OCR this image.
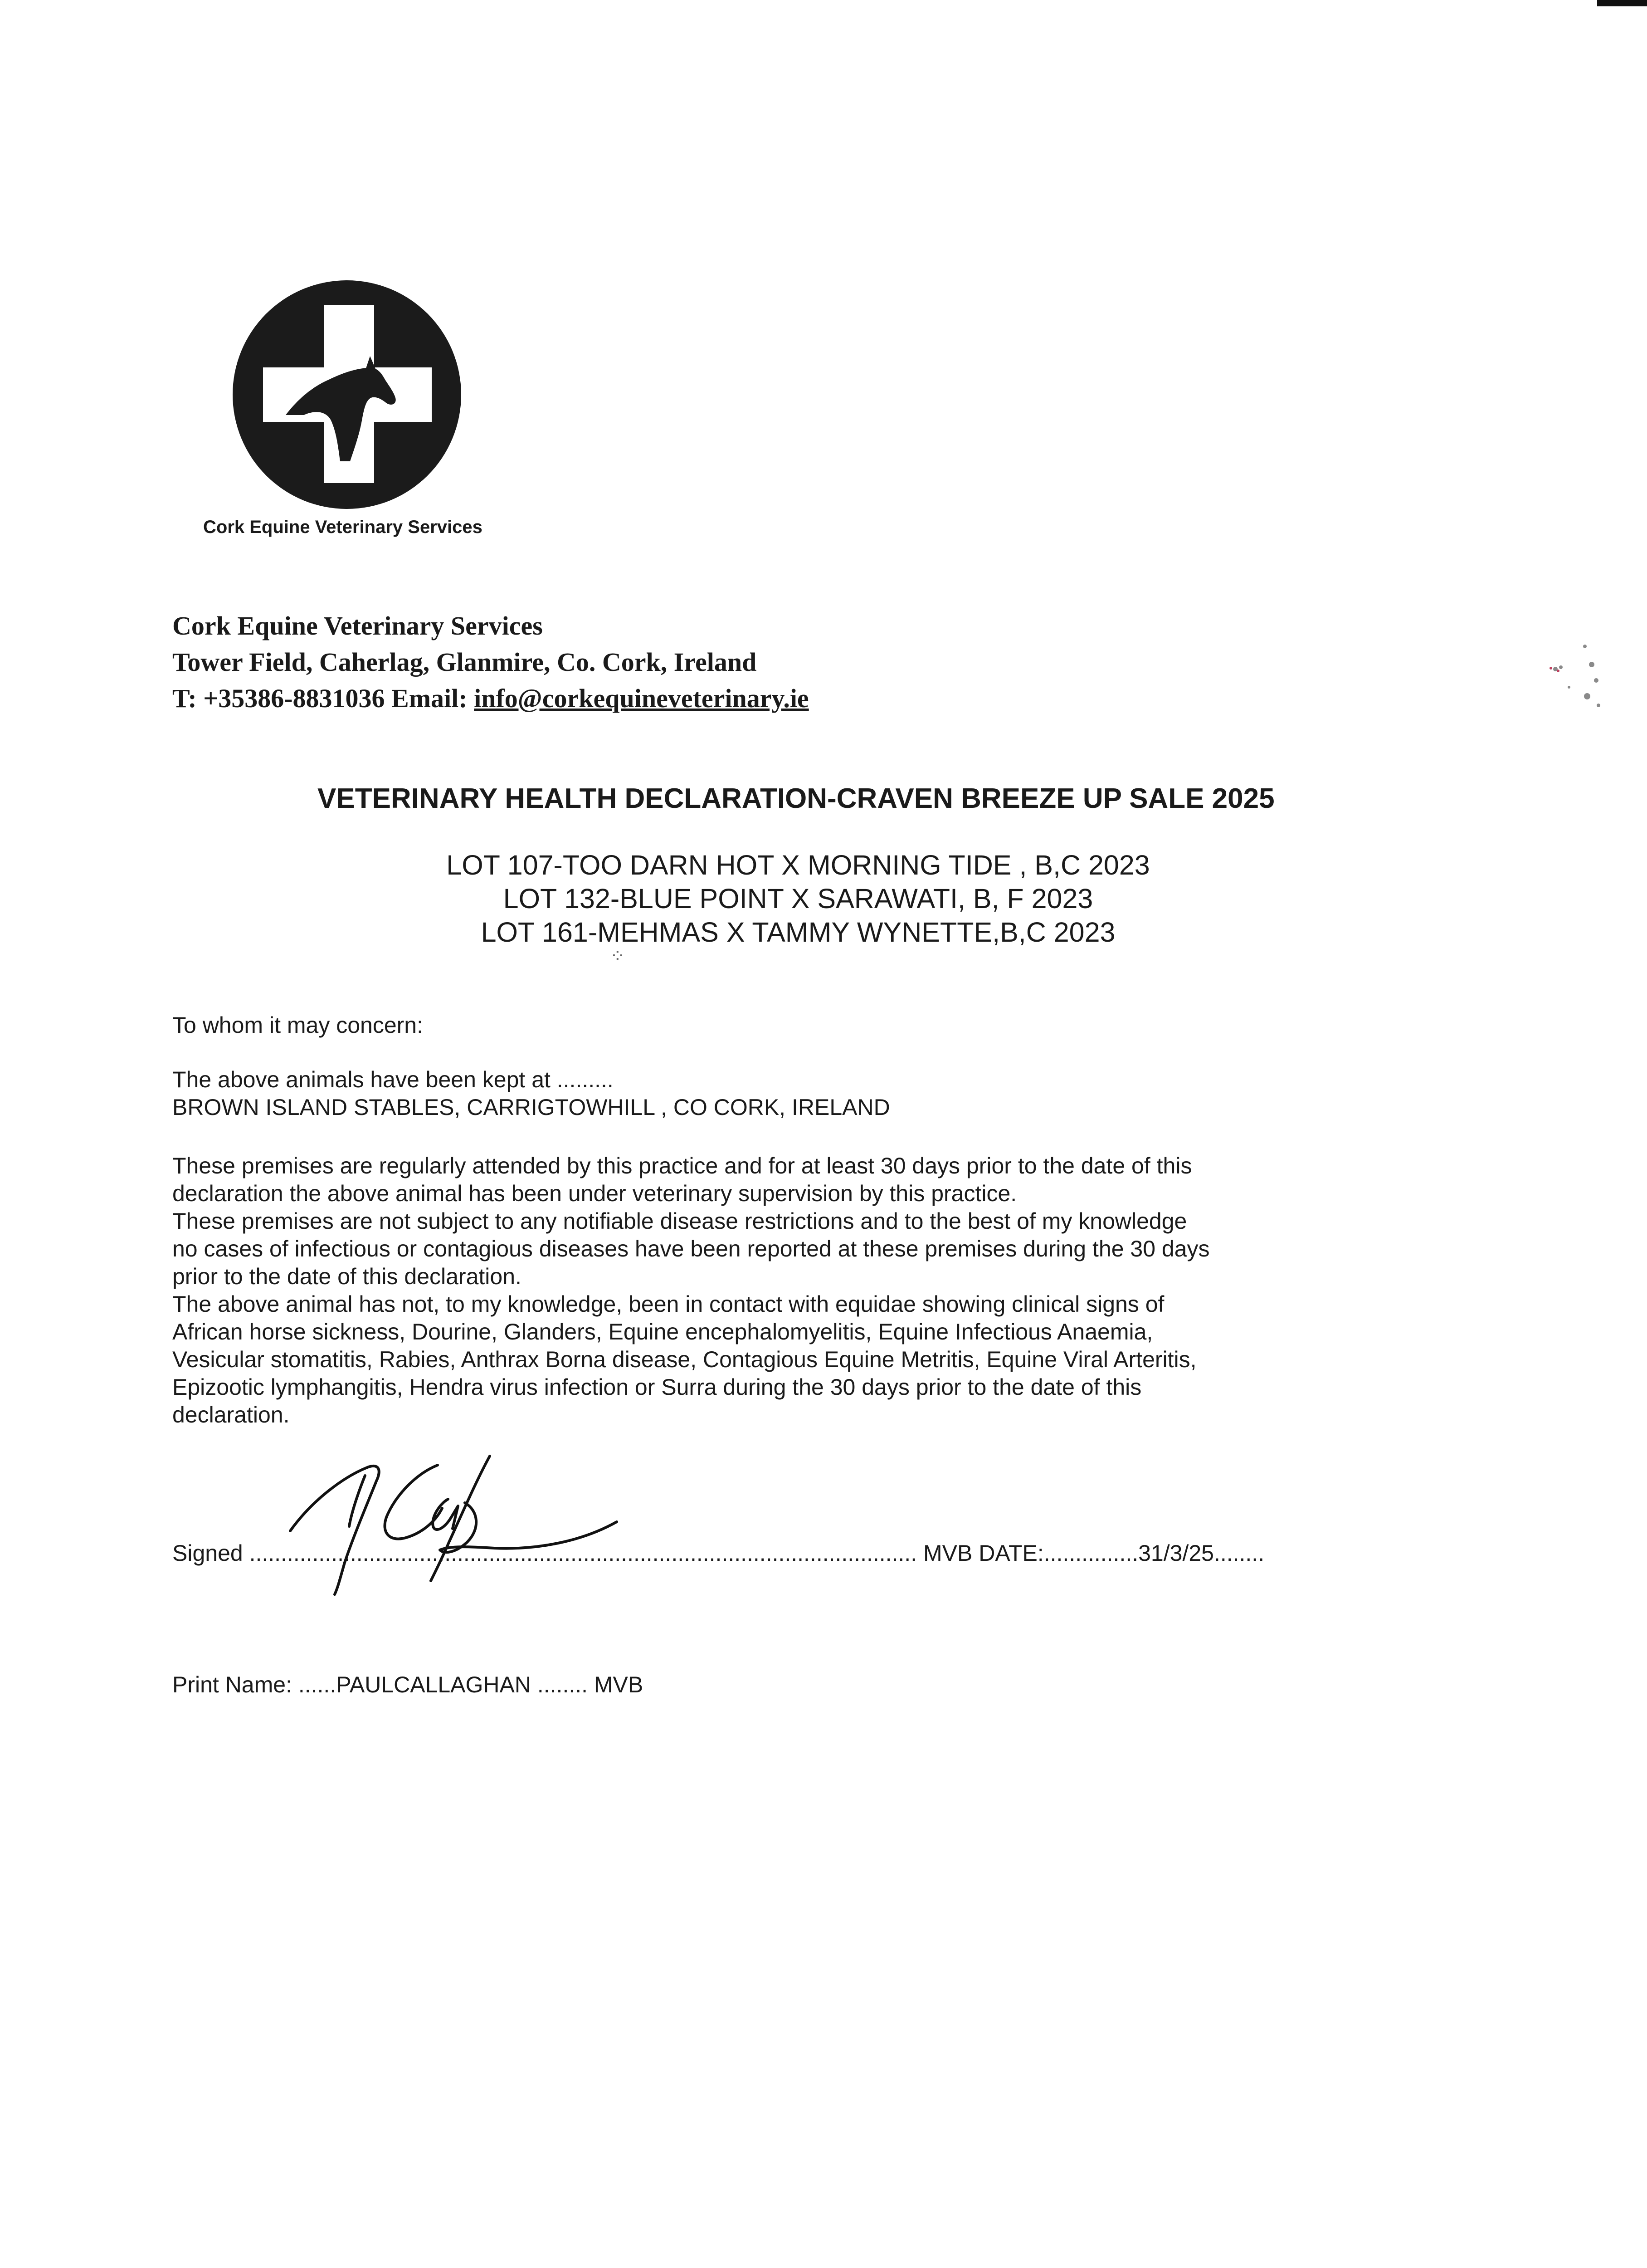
Cork Equine Veterinary Services
Cork Equine Veterinary Services
Tower Field, Caherlag, Glanmire, Co. Cork, Ireland
T: +35386-8831036 Email: info@corkequineveterinary.ie
VETERINARY HEALTH DECLARATION-CRAVEN BREEZE UP SALE 2025
LOT 107-TOO DARN HOT X MORNING TIDE , B,C 2023
LOT 132-BLUE POINT X SARAWATI, B, F 2023
LOT 161-MEHMAS X TAMMY WYNETTE,B,C 2023
⁘
To whom it may concern:
The above animals have been kept at .........
BROWN ISLAND STABLES, CARRIGTOWHILL , CO CORK, IRELAND
These premises are regularly attended by this practice and for at least 30 days prior to the date of this declaration the above animal has been under veterinary supervision by this practice.
These premises are not subject to any notifiable disease restrictions and to the best of my knowledge no cases of infectious or contagious diseases have been reported at these premises during the 30 days prior to the date of this declaration.
The above animal has not, to my knowledge, been in contact with equidae showing clinical signs of African horse sickness, Dourine, Glanders, Equine encephalomyelitis, Equine Infectious Anaemia, Vesicular stomatitis, Rabies, Anthrax Borna disease, Contagious Equine Metritis, Equine Viral Arteritis, Epizootic lymphangitis, Hendra virus infection or Surra during the 30 days prior to the date of this declaration.
Signed .......................................................................................................... MVB DATE:...............31/3/25........
Print Name: ......PAULCALLAGHAN ........ MVB
